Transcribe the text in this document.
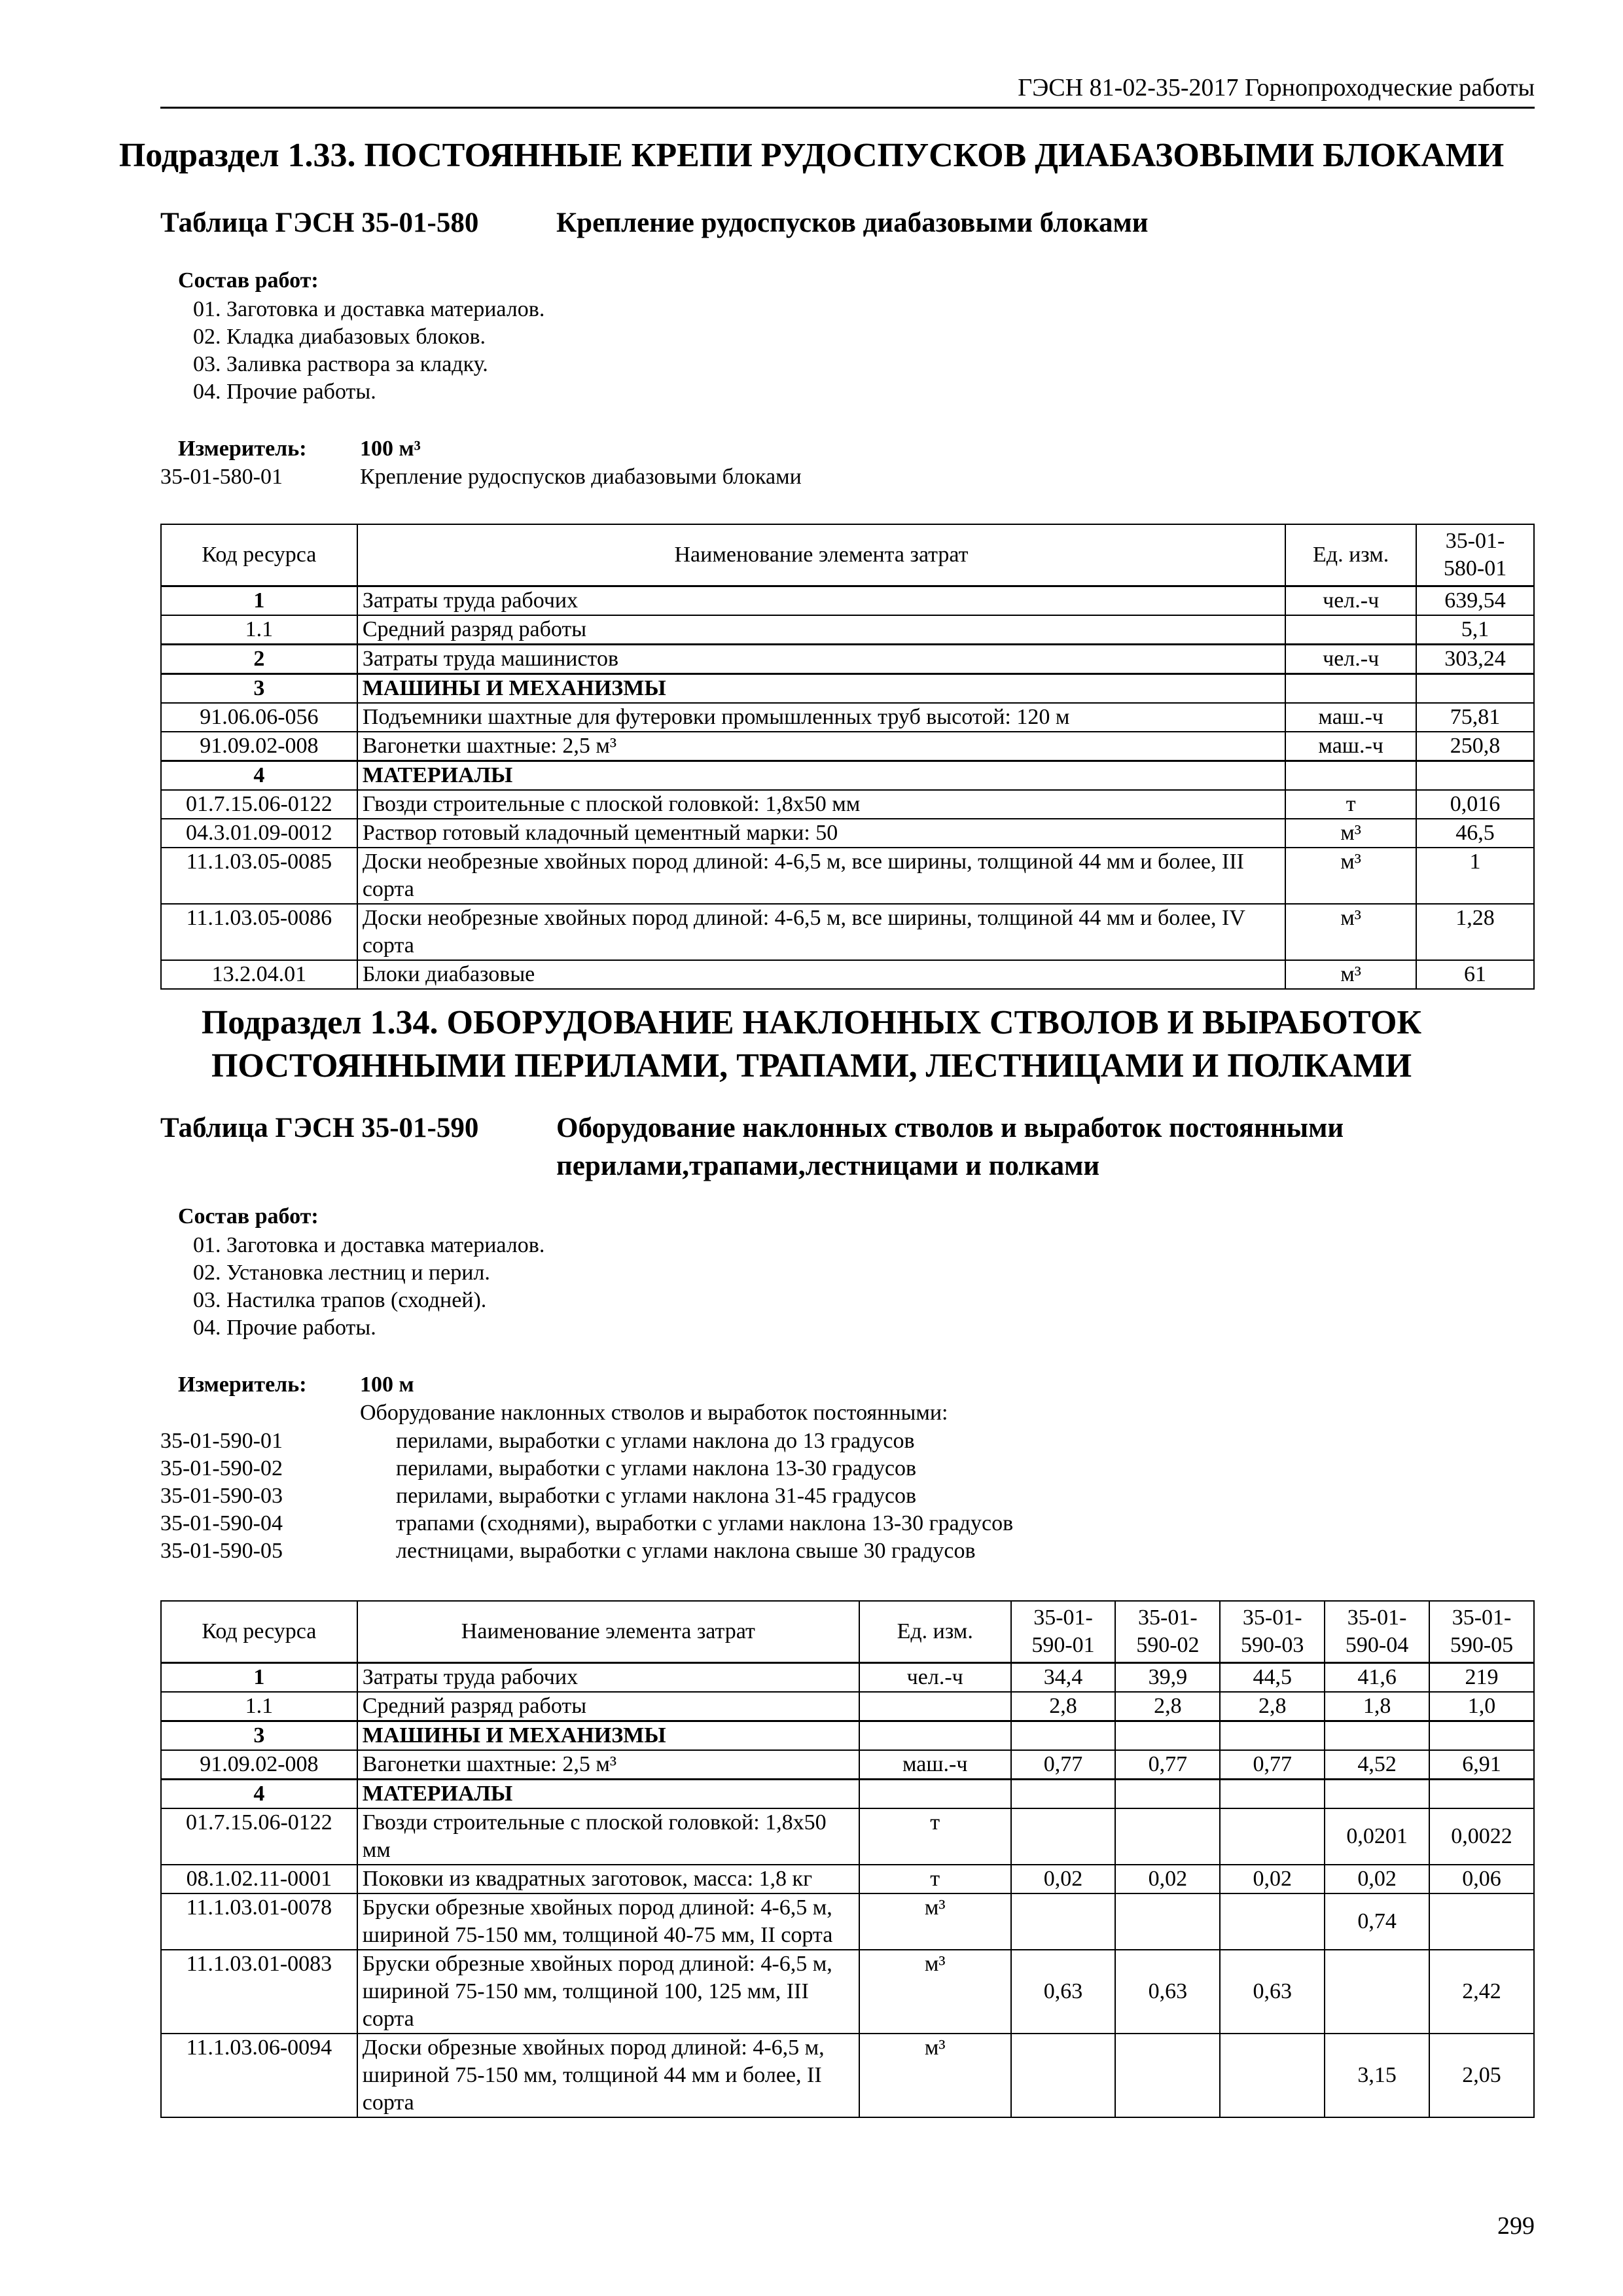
ГЭСН 81-02-35-2017 Горнопроходческие работы
Подраздел 1.33. ПОСТОЯННЫЕ КРЕПИ РУДОСПУСКОВ ДИАБАЗОВЫМИ БЛОКАМИ
Таблица ГЭСН 35-01-580	Крепление рудоспусков диабазовыми блоками
Состав работ:
01. Заготовка и доставка материалов.
02. Кладка диабазовых блоков.
03. Заливка раствора за кладку.
04. Прочие работы.
Измеритель: 100 м³
35-01-580-01	Крепление рудоспусков диабазовыми блоками
Код ресурса	Наименование элемента затрат	Ед. изм.	35-01-
580-01
1	Затраты труда рабочих	чел.-ч	639,54
1.1	Средний разряд работы		5,1
2	Затраты труда машинистов	чел.-ч	303,24
3	МАШИНЫ И МЕХАНИЗМЫ		
91.06.06-056	Подъемники шахтные для футеровки промышленных труб высотой: 120 м	маш.-ч	75,81
91.09.02-008	Вагонетки шахтные: 2,5 м³	маш.-ч	250,8
4	МАТЕРИАЛЫ		
01.7.15.06-0122	Гвозди строительные с плоской головкой: 1,8х50 мм	т	0,016
04.3.01.09-0012	Раствор готовый кладочный цементный марки: 50	м³	46,5
11.1.03.05-0085	Доски необрезные хвойных пород длиной: 4-6,5 м, все ширины, толщиной 44 мм и более, III сорта	м³	1
11.1.03.05-0086	Доски необрезные хвойных пород длиной: 4-6,5 м, все ширины, толщиной 44 мм и более, IV сорта	м³	1,28
13.2.04.01	Блоки диабазовые	м³	61
Подраздел 1.34. ОБОРУДОВАНИЕ НАКЛОННЫХ СТВОЛОВ И ВЫРАБОТОК
ПОСТОЯННЫМИ ПЕРИЛАМИ, ТРАПАМИ, ЛЕСТНИЦАМИ И ПОЛКАМИ
Таблица ГЭСН 35-01-590	Оборудование наклонных стволов и выработок постоянными
перилами,трапами,лестницами и полками
Состав работ:
01. Заготовка и доставка материалов.
02. Установка лестниц и перил.
03. Настилка трапов (сходней).
04. Прочие работы.
Измеритель: 100 м
Оборудование наклонных стволов и выработок постоянными:
35-01-590-01	перилами, выработки с углами наклона до 13 градусов
35-01-590-02	перилами, выработки с углами наклона 13-30 градусов
35-01-590-03	перилами, выработки с углами наклона 31-45 градусов
35-01-590-04	трапами (сходнями), выработки с углами наклона 13-30 градусов
35-01-590-05	лестницами, выработки с углами наклона свыше 30 градусов
Код ресурса	Наименование элемента затрат	Ед. изм.	35-01-
590-01	35-01-
590-02	35-01-
590-03	35-01-
590-04	35-01-
590-05
1	Затраты труда рабочих	чел.-ч	34,4	39,9	44,5	41,6	219
1.1	Средний разряд работы		2,8	2,8	2,8	1,8	1,0
3	МАШИНЫ И МЕХАНИЗМЫ						
91.09.02-008	Вагонетки шахтные: 2,5 м³	маш.-ч	0,77	0,77	0,77	4,52	6,91
4	МАТЕРИАЛЫ						
01.7.15.06-0122	Гвозди строительные с плоской головкой: 1,8х50 мм	т				0,0201	0,0022
08.1.02.11-0001	Поковки из квадратных заготовок, масса: 1,8 кг	т	0,02	0,02	0,02	0,02	0,06
11.1.03.01-0078	Бруски обрезные хвойных пород длиной: 4-6,5 м, шириной 75-150 мм, толщиной 40-75 мм, II сорта	м³				0,74	
11.1.03.01-0083	Бруски обрезные хвойных пород длиной: 4-6,5 м, шириной 75-150 мм, толщиной 100, 125 мм, III сорта	м³	0,63	0,63	0,63		2,42
11.1.03.06-0094	Доски обрезные хвойных пород длиной: 4-6,5 м, шириной 75-150 мм, толщиной 44 мм и более, II сорта	м³				3,15	2,05
299
